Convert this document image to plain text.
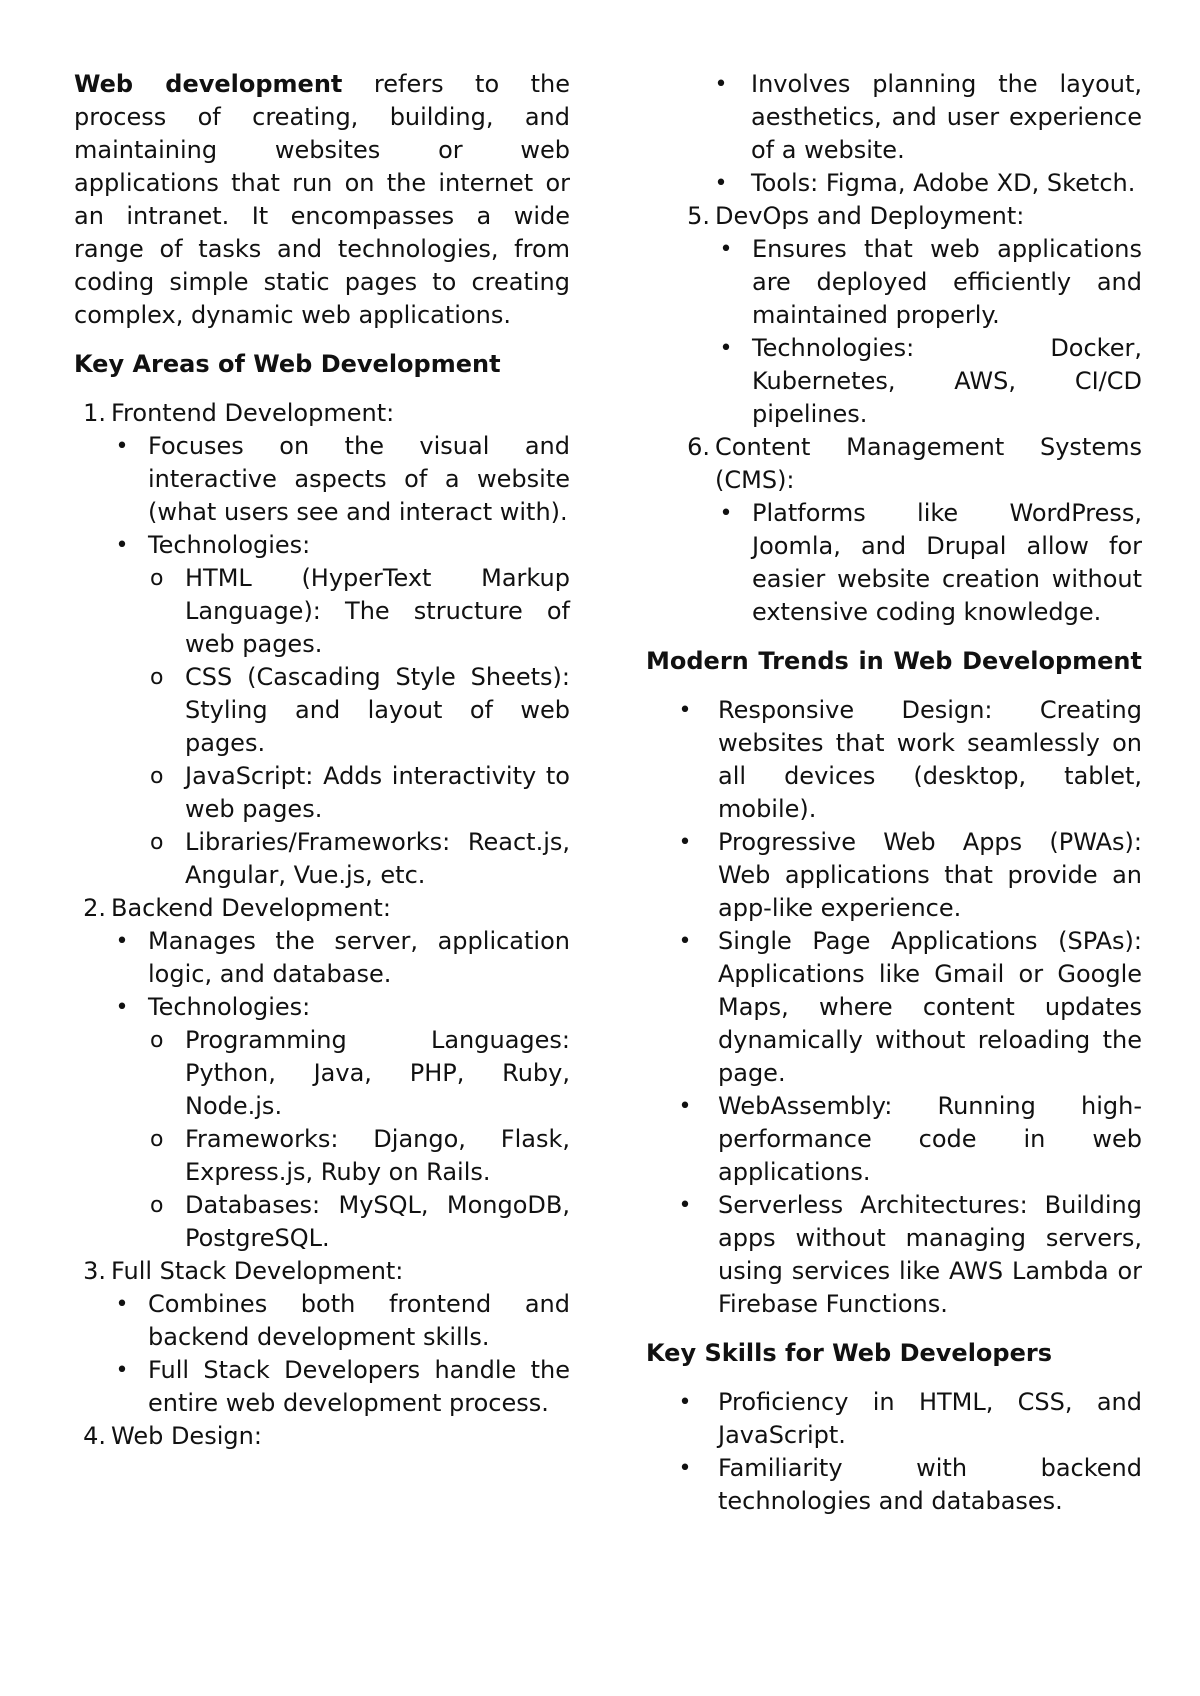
Web development refers to the process of creating, building, and maintaining websites or web applications that run on the internet or an intranet. It encompasses a wide range of tasks and technologies, from coding simple static pages to creating complex, dynamic web applications.

Key Areas of Web Development
1. Frontend Development:
• Focuses on the visual and interactive aspects of a website (what users see and interact with).

• Technologies:

o HTML (HyperText Markup Language): The structure of web pages.

o CSS (Cascading Style Sheets): Styling and layout of web pages.

o JavaScript: Adds interactivity to web pages.

o Libraries/Frameworks: React.js, Angular, Vue.js, etc.

2. Backend Development:
• Manages the server, application logic, and database.

• Technologies:

o Programming Languages: Python, Java, PHP, Ruby, Node.js.

o Frameworks: Django, Flask, Express.js, Ruby on Rails.

o Databases: MySQL, MongoDB, PostgreSQL.

3. Full Stack Development:
• Combines both frontend and backend development skills.

• Full Stack Developers handle the entire web development process.

4. Web Design:
• Involves planning the layout, aesthetics, and user experience of a website.

• Tools: Figma, Adobe XD, Sketch.

5. DevOps and Deployment:
• Ensures that web applications are deployed efficiently and maintained properly.

• Technologies: Docker, Kubernetes, AWS, CI/CD pipelines.

6. Content Management Systems (CMS):

• Platforms like WordPress, Joomla, and Drupal allow for easier website creation without extensive coding knowledge.

Modern Trends in Web Development
• Responsive Design: Creating websites that work seamlessly on all devices (desktop, tablet, mobile).

• Progressive Web Apps (PWAs): Web applications that provide an app-like experience.

• Single Page Applications (SPAs): Applications like Gmail or Google Maps, where content updates dynamically without reloading the page.

• WebAssembly: Running high-performance code in web applications.

• Serverless Architectures: Building apps without managing servers, using services like AWS Lambda or Firebase Functions.

Key Skills for Web Developers
• Proficiency in HTML, CSS, and JavaScript.

• Familiarity with backend technologies and databases.
